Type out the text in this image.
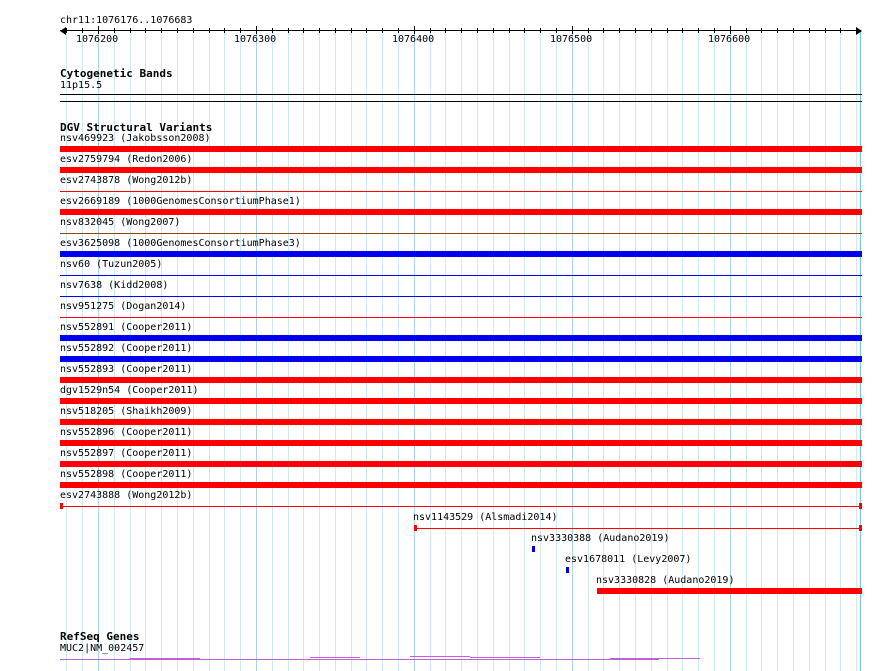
chr11:1076176..1076683
1076200	1076300	1076400	1076500	1076600
Cytogenetic Bands
11p15.5
DGV Structural Variants
nsv469923 (Jakobsson2008)
esv2759794 (Redon2006)
esv2743878 (Wong2012b)
esv2669189 (1000GenomesConsortiumPhase1)
nsv832045 (Wong2007)
esv3625098 (1000GenomesConsortiumPhase3)
nsv60 (Tuzun2005)
nsv7638 (Kidd2008)
nsv951275 (Dogan2014)
nsv552891 (Cooper2011)
nsv552892 (Cooper2011)
nsv552893 (Cooper2011)
dgv1529n54 (Cooper2011)
nsv518205 (Shaikh2009)
nsv552896 (Cooper2011)
nsv552897 (Cooper2011)
nsv552898 (Cooper2011)
esv2743888 (Wong2012b)
nsv1143529 (Alsmadi2014)
nsv3330388 (Audano2019)
esv1678011 (Levy2007)
nsv3330828 (Audano2019)
RefSeq Genes
MUC2|NM_002457
